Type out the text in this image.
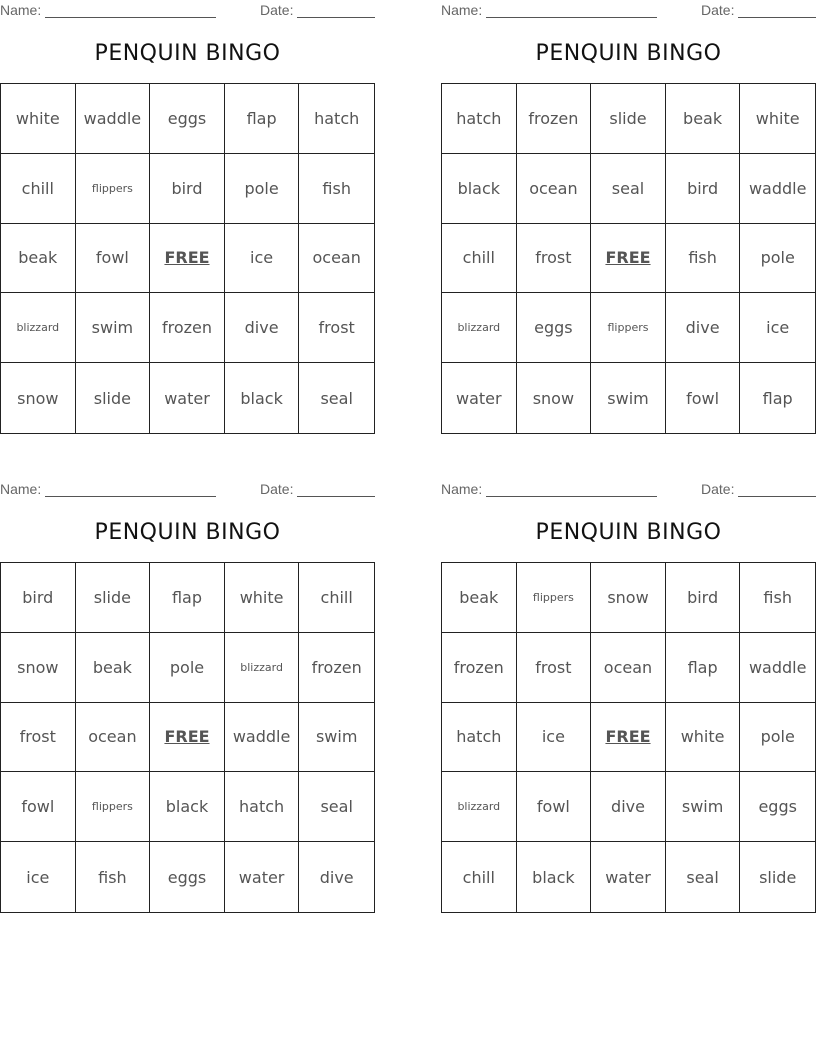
Name:	Date:
PENQUIN BINGO
white	waddle	eggs	flap	hatch
chill	flippers	bird	pole	fish
beak	fowl	FREE	ice	ocean
blizzard	swim	frozen	dive	frost
snow	slide	water	black	seal
Name:	Date:
PENQUIN BINGO
hatch	frozen	slide	beak	white
black	ocean	seal	bird	waddle
chill	frost	FREE	fish	pole
blizzard	eggs	flippers	dive	ice
water	snow	swim	fowl	flap
Name:	Date:
PENQUIN BINGO
bird	slide	flap	white	chill
snow	beak	pole	blizzard	frozen
frost	ocean	FREE	waddle	swim
fowl	flippers	black	hatch	seal
ice	fish	eggs	water	dive
Name:	Date:
PENQUIN BINGO
beak	flippers	snow	bird	fish
frozen	frost	ocean	flap	waddle
hatch	ice	FREE	white	pole
blizzard	fowl	dive	swim	eggs
chill	black	water	seal	slide
